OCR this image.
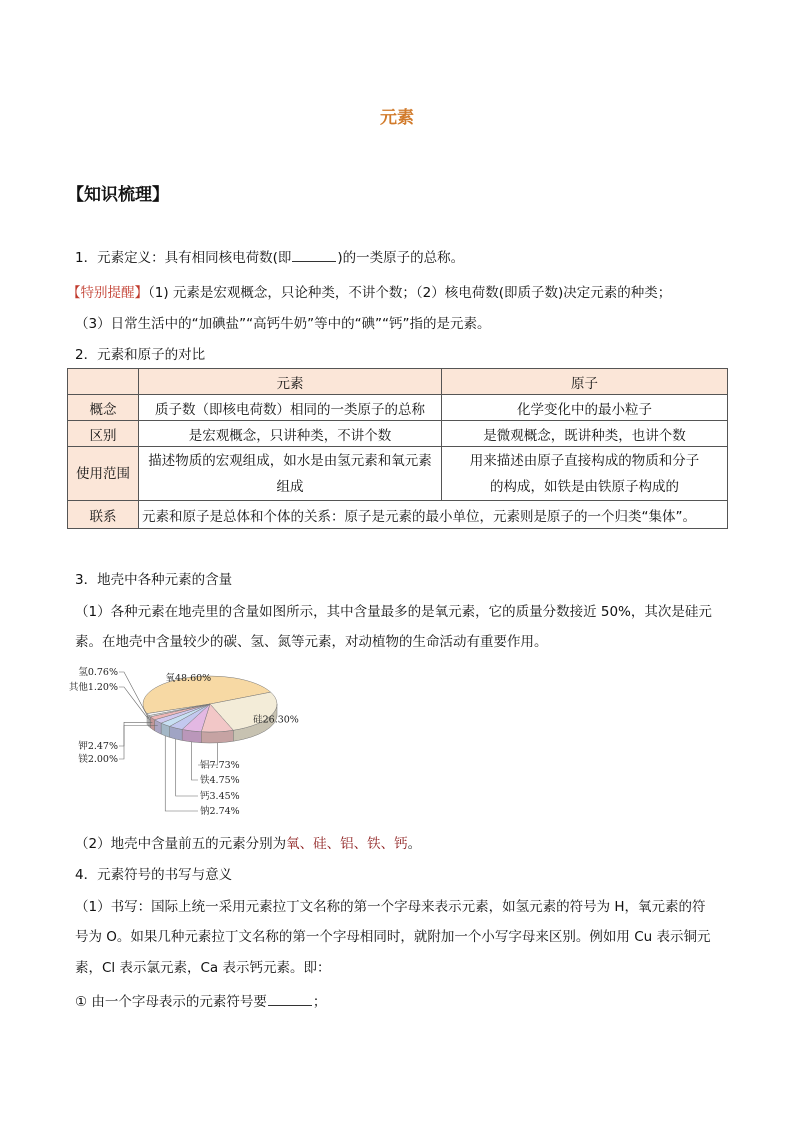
元素
【知识梳理】
1．元素定义：具有相同核电荷数(即	)的一类原子的总称。
【特别提醒】（1) 元素是宏观概念，只论种类，不讲个数；（2）核电荷数(即质子数)决定元素的种类；
（3）日常生活中的“加碘盐”“高钙牛奶”等中的“碘”“钙”指的是元素。
2．元素和原子的对比
	元素	原子
概念	质子数（即核电荷数）相同的一类原子的总称	化学变化中的最小粒子
区别	是宏观概念，只讲种类，不讲个数	是微观概念，既讲种类，也讲个数
使用范围	描述物质的宏观组成，如水是由氢元素和氧元素组成	用来描述由原子直接构成的物质和分子
的构成，如铁是由铁原子构成的

联系	元素和原子是总体和个体的关系：原子是元素的最小单位，元素则是原子的一个归类“集体”。	
3．地壳中各种元素的含量
（1）各种元素在地壳里的含量如图所示，其中含量最多的是氧元素，它的质量分数接近 50%，其次是硅元
素。在地壳中含量较少的碳、氢、氮等元素，对动植物的生命活动有重要作用。
氧48.60%
硅26.30%
氢0.76%
其他1.20%
钾2.47%
镁2.00%
铝7.73%
铁4.75%
钙3.45%
钠2.74%
（2）地壳中含量前五的元素分别为氧、硅、铝、铁、钙。
4．元素符号的书写与意义
（1）书写：国际上统一采用元素拉丁文名称的第一个字母来表示元素，如氢元素的符号为 H，氧元素的符
号为 O。如果几种元素拉丁文名称的第一个字母相同时，就附加一个小写字母来区别。例如用 Cu 表示铜元
素，Cl 表示氯元素，Ca 表示钙元素。即：
① 由一个字母表示的元素符号要	；
